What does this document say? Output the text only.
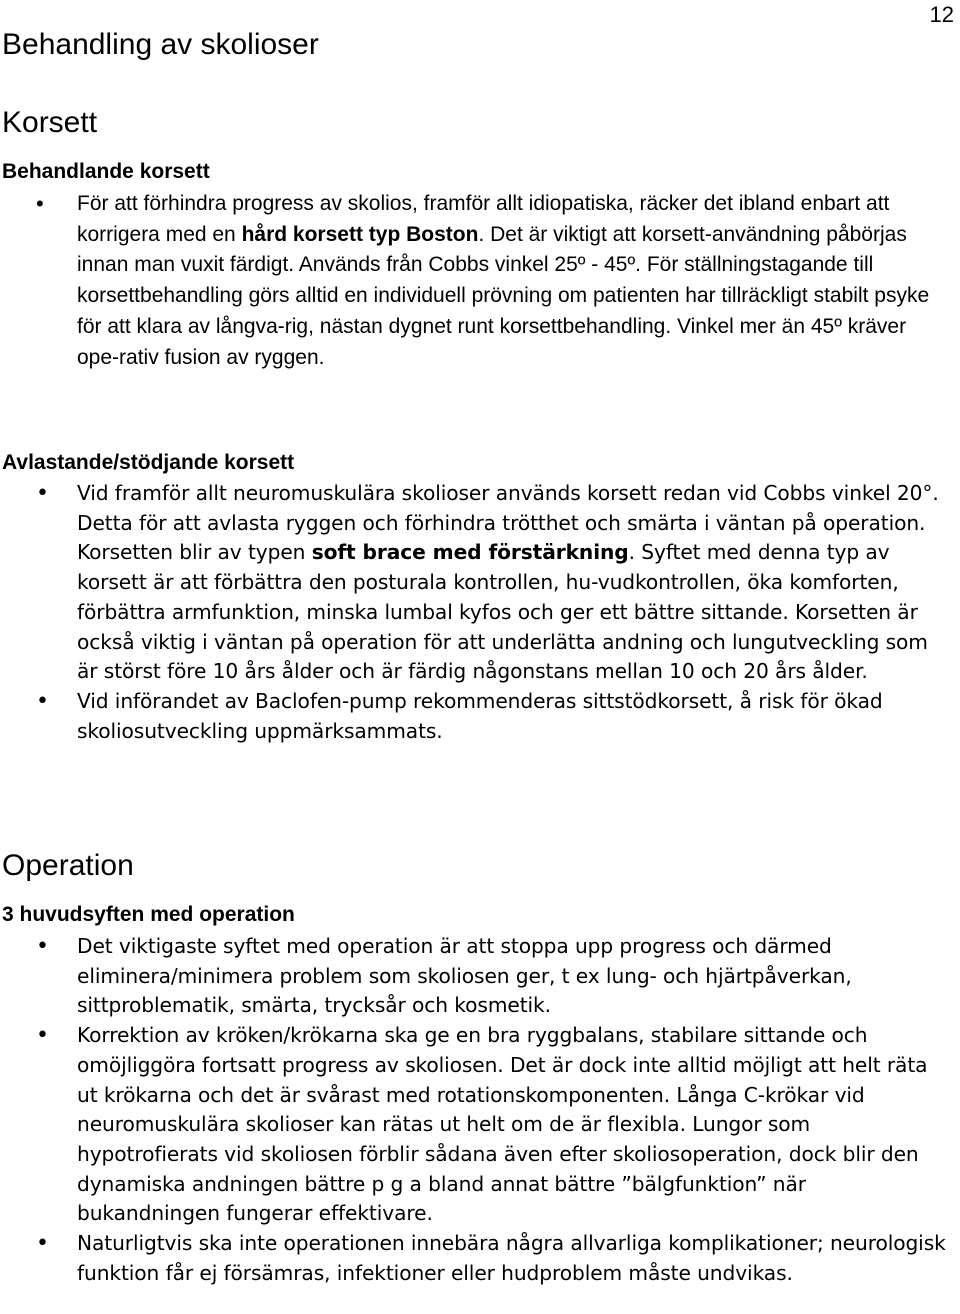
12
Behandling av skolioser
Korsett
Behandlande korsett
• För att förhindra progress av skolios, framför allt idiopatiska, räcker det ibland enbart att korrigera med en hård korsett typ Boston. Det är viktigt att korsett-användning påbörjas innan man vuxit färdigt. Används från Cobbs vinkel 25º - 45º. För ställningstagande till korsettbehandling görs alltid en individuell prövning om patienten har tillräckligt stabilt psyke för att klara av långva-rig, nästan dygnet runt korsettbehandling. Vinkel mer än 45º kräver ope-rativ fusion av ryggen.
Avlastande/stödjande korsett
• Vid framför allt neuromuskulära skolioser används korsett redan vid Cobbs vinkel 20°. Detta för att avlasta ryggen och förhindra trötthet och smärta i väntan på operation. Korsetten blir av typen soft brace med förstärkning. Syftet med denna typ av korsett är att förbättra den posturala kontrollen, hu-vudkontrollen, öka komforten, förbättra armfunktion, minska lumbal kyfos och ger ett bättre sittande. Korsetten är också viktig i väntan på operation för att underlätta andning och lungutveckling som är störst före 10 års ålder och är färdig någonstans mellan 10 och 20 års ålder.
• Vid införandet av Baclofen-pump rekommenderas sittstödkorsett, å risk för ökad skoliosutveckling uppmärksammats.
Operation
3 huvudsyften med operation
• Det viktigaste syftet med operation är att stoppa upp progress och därmed eliminera/minimera problem som skoliosen ger, t ex lung- och hjärtpåverkan, sittproblematik, smärta, trycksår och kosmetik.
• Korrektion av kröken/krökarna ska ge en bra ryggbalans, stabilare sittande och omöjliggöra fortsatt progress av skoliosen. Det är dock inte alltid möjligt att helt räta ut krökarna och det är svårast med rotationskomponenten. Långa C-krökar vid neuromuskulära skolioser kan rätas ut helt om de är flexibla. Lungor som hypotrofierats vid skoliosen förblir sådana även efter skoliosoperation, dock blir den dynamiska andningen bättre p g a bland annat bättre ”bälgfunktion” när bukandningen fungerar effektivare.
• Naturligtvis ska inte operationen innebära några allvarliga komplikationer; neurologisk funktion får ej försämras, infektioner eller hudproblem måste undvikas.
